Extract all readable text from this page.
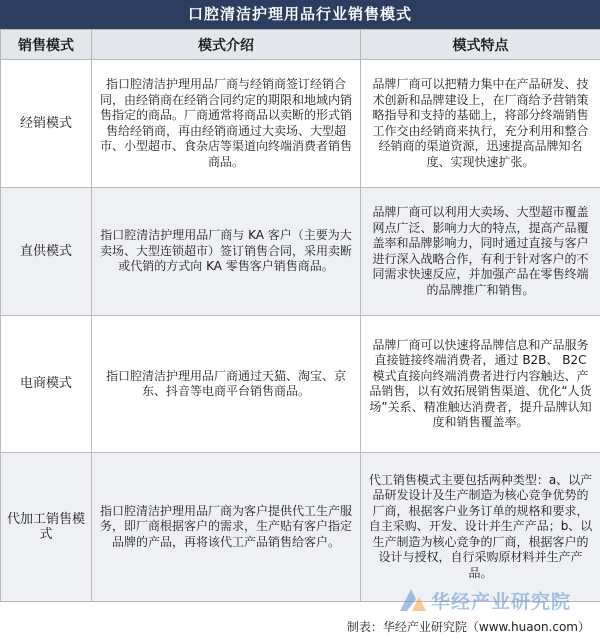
口腔清洁护理用品行业销售模式
销售模式	模式介绍	模式特点
经销模式	指口腔清洁护理用品厂商与经销商签订经销合同，由经销商在经销合同约定的期限和地域内销售指定的商品。厂商通常将商品以卖断的形式销售给经销商，再由经销商通过大卖场、大型超市、小型超市、食杂店等渠道向终端消费者销售商品。	品牌厂商可以把精力集中在产品研发、技术创新和品牌建设上，在厂商给予营销策略指导和支持的基础上，将部分终端销售工作交由经销商来执行，充分利用和整合经销商的渠道资源，迅速提高品牌知名度、实现快速扩张。
直供模式	指口腔清洁护理用品厂商与 KA 客户（主要为大卖场、大型连锁超市）签订销售合同，采用卖断或代销的方式向 KA 零售客户销售商品。	品牌厂商可以利用大卖场、大型超市覆盖网点广泛、影响力大的特点，提高产品覆盖率和品牌影响力，同时通过直接与客户进行深入战略合作，有利于针对客户的不同需求快速反应，并加强产品在零售终端的品牌推广和销售。
电商模式	指口腔清洁护理用品厂商通过天猫、淘宝、京东、抖音等电商平台销售商品。	品牌厂商可以快速将品牌信息和产品服务直接链接终端消费者，通过 B2B、 B2C 模式直接向终端消费者进行内容触达、产品销售，以有效拓展销售渠道、优化“人货场”关系、精准触达消费者，提升品牌认知度和销售覆盖率。
代加工销售模式	指口腔清洁护理用品厂商为客户提供代工生产服务，即厂商根据客户的需求，生产贴有客户指定品牌的产品，再将该代工产品销售给客户。	代工销售模式主要包括两种类型：a、以产品研发设计及生产制造为核心竞争优势的厂商，根据客户业务订单的规格和要求，自主采购、开发、设计并生产产品；b、以生产制造为核心竞争的厂商，根据客户的设计与授权，自行采购原材料并生产产品。
华经产业研究院
制表：华经产业研究院（www.huaon.com）
